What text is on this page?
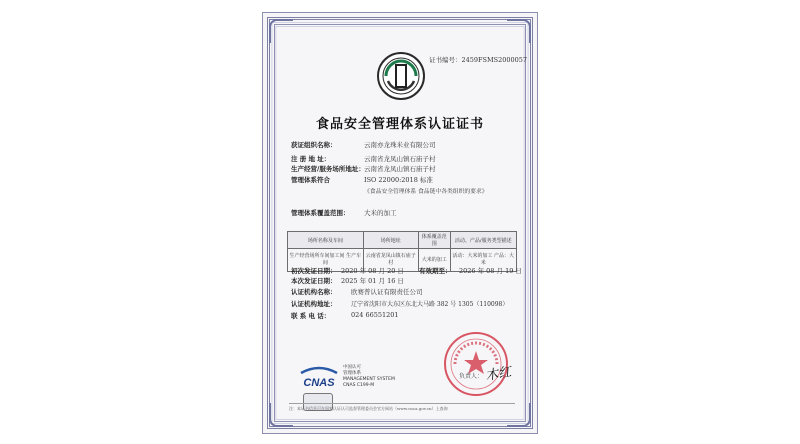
证书编号：2459FSMS2000057
食品安全管理体系认证证书
获证组织名称：	云南亦龙珠米业有限公司
注 册 地 址：	云南省龙凤山镇石庙子村
生产经营/服务场所地址： 云南省龙凤山镇石庙子村
管理体系符合	ISO 22000:2018 标准
《食品安全管理体系 食品链中各类组织的要求》
管理体系覆盖范围： 大米的加工
场所名称及车间	场所地址	体系覆盖范围	活动、产品/服务类型描述
生产经营场所车间加工间 生产车间	云南省龙凤山镇石庙子村	大米的加工	活动：大米的加工 产品：大米
初次发证日期： 2020 年 08 月 20 日 有效期至： 2026 年 08 月 19 日
本次发证日期： 2025 年 01 月 16 日
认证机构名称： 欧赛普认证有限责任公司
认证机构地址： 辽宁省沈阳市大东区东北大马路 382 号 1305（110098）
联 系 电 话：	024 66551201
CNAS
中国认可
管理体系
MANAGEMENT SYSTEM
CNAS C199-M
负责人： 木红
注：本证书信息可在国家认证认可监督管理委员会官方网站（www.cnca.gov.cn）上查询
